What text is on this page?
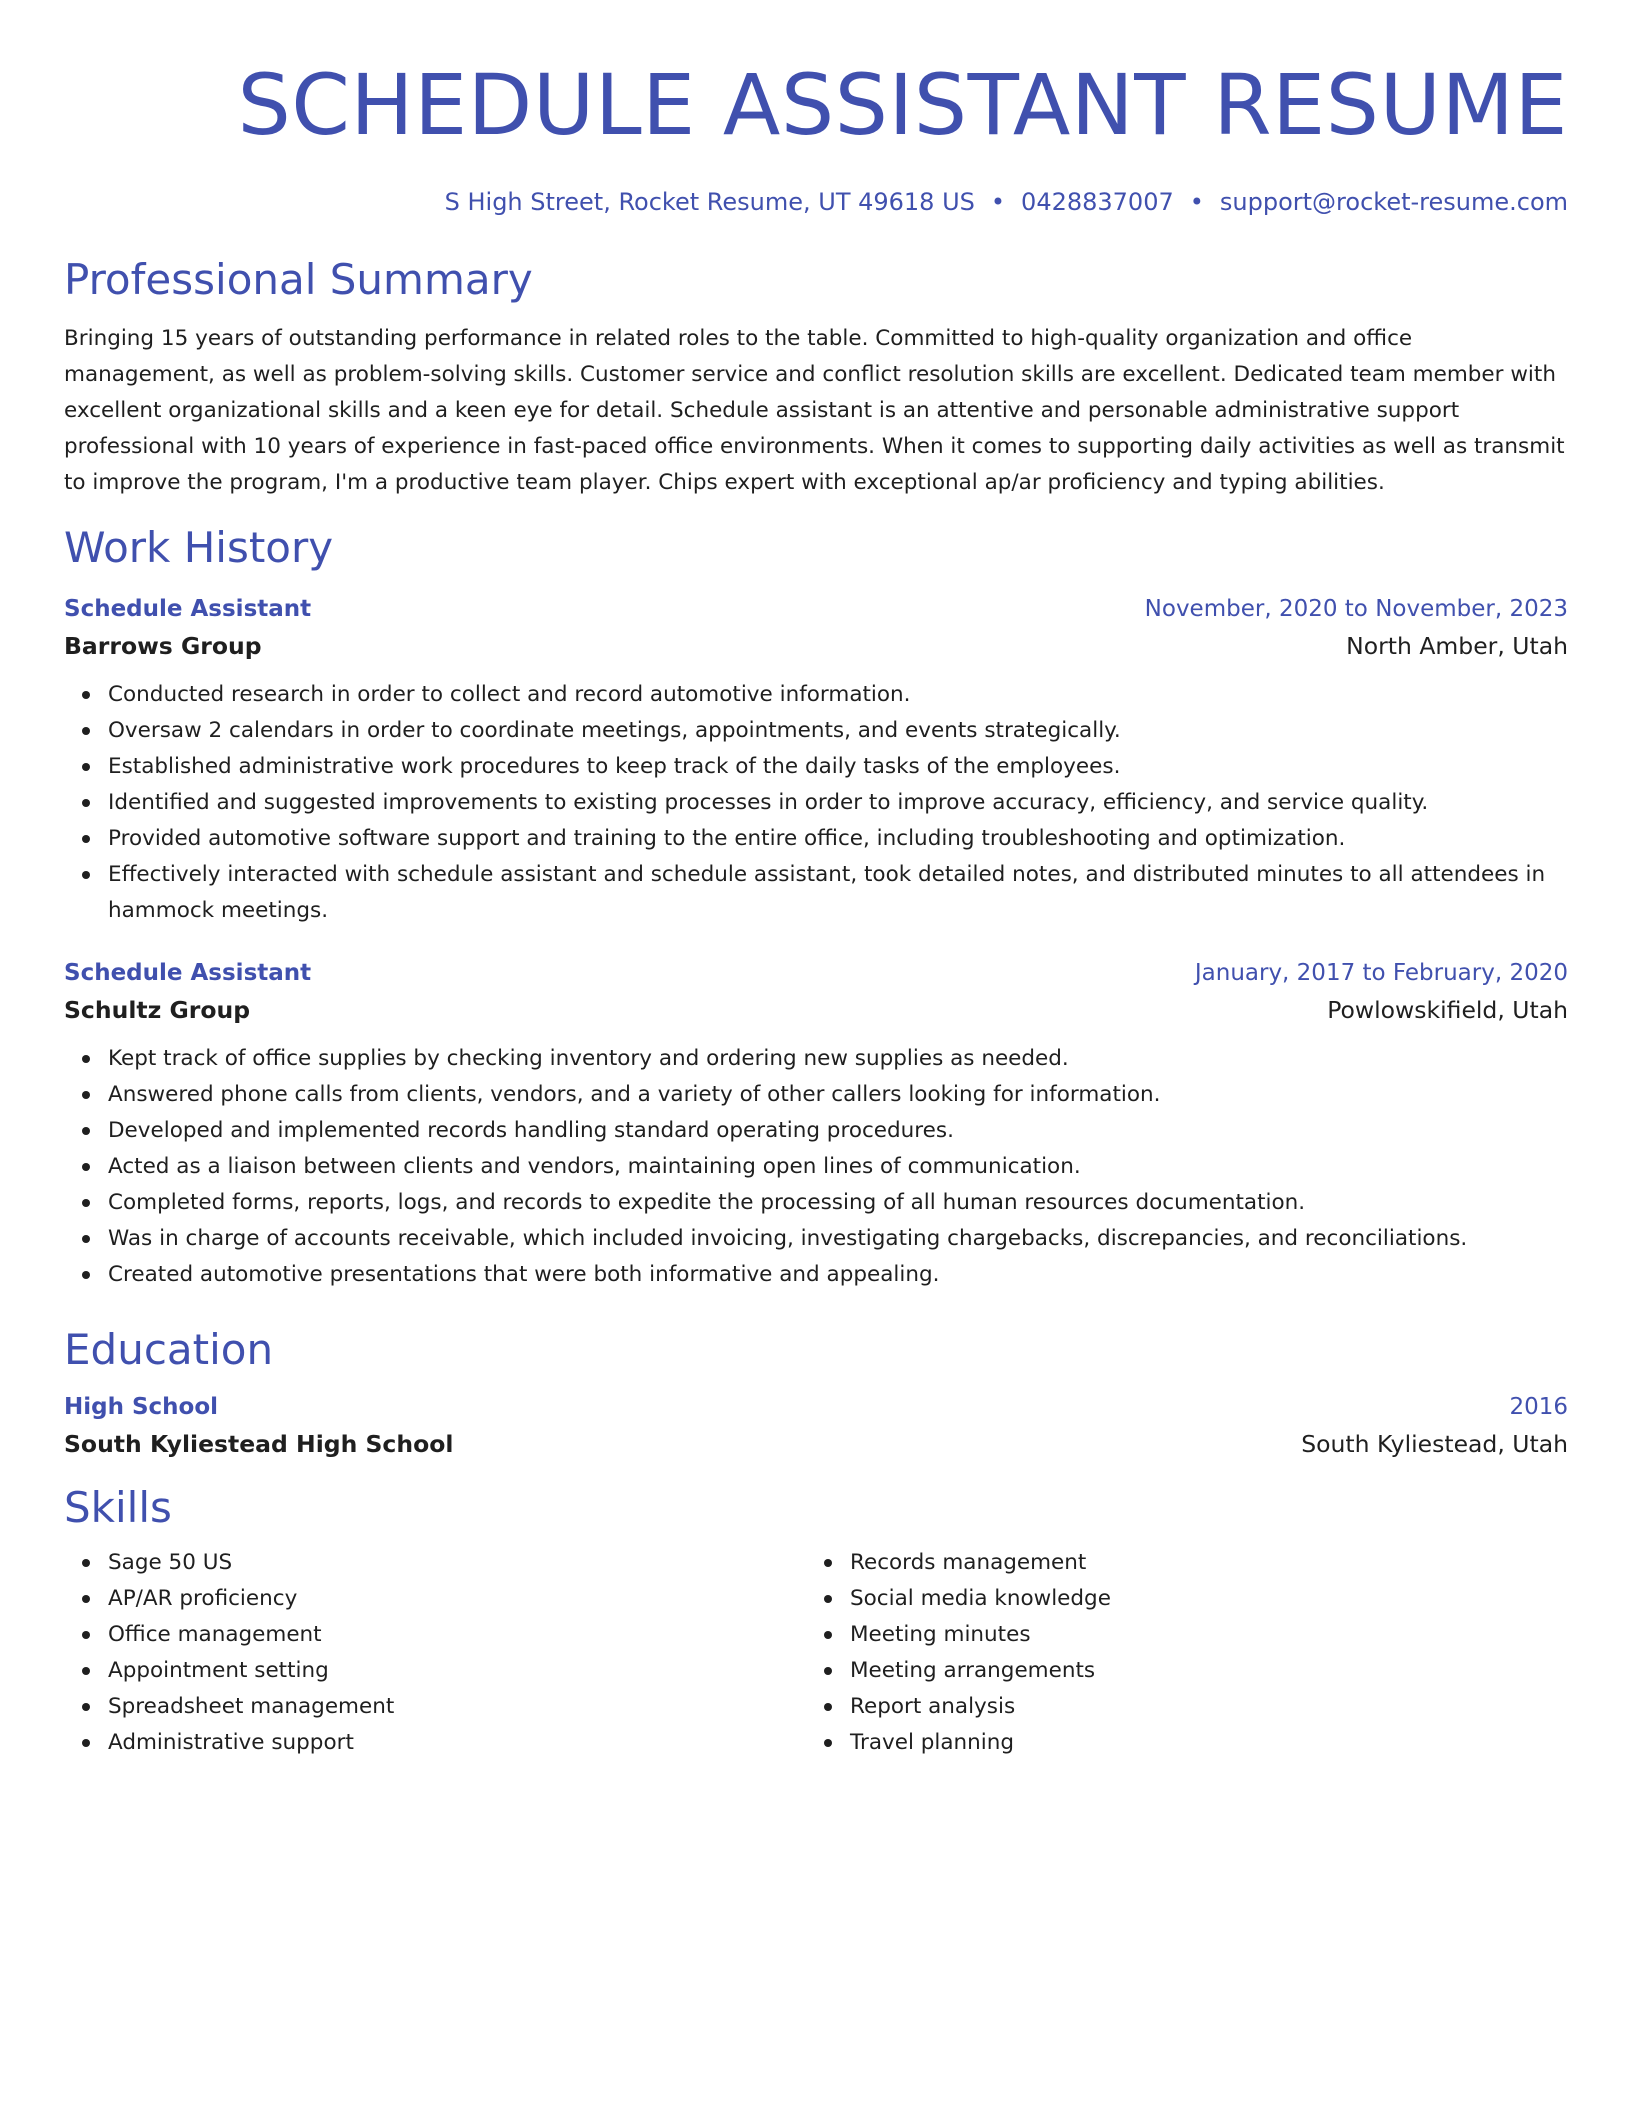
SCHEDULE ASSISTANT RESUME
S High Street, Rocket Resume, UT 49618 US • 0428837007 • support@rocket-resume.com
Professional Summary
Bringing 15 years of outstanding performance in related roles to the table. Committed to high-quality organization and office management, as well as problem-solving skills. Customer service and conflict resolution skills are excellent. Dedicated team member with excellent organizational skills and a keen eye for detail. Schedule assistant is an attentive and personable administrative support professional with 10 years of experience in fast-paced office environments. When it comes to supporting daily activities as well as transmit to improve the program, I'm a productive team player. Chips expert with exceptional ap/ar proficiency and typing abilities.
Work History
Schedule Assistant	November, 2020 to November, 2023
Barrows Group	North Amber, Utah
Conducted research in order to collect and record automotive information.
Oversaw 2 calendars in order to coordinate meetings, appointments, and events strategically.
Established administrative work procedures to keep track of the daily tasks of the employees.
Identified and suggested improvements to existing processes in order to improve accuracy, efficiency, and service quality.
Provided automotive software support and training to the entire office, including troubleshooting and optimization.
Effectively interacted with schedule assistant and schedule assistant, took detailed notes, and distributed minutes to all attendees in hammock meetings.
Schedule Assistant	January, 2017 to February, 2020
Schultz Group	Powlowskifield, Utah
Kept track of office supplies by checking inventory and ordering new supplies as needed.
Answered phone calls from clients, vendors, and a variety of other callers looking for information.
Developed and implemented records handling standard operating procedures.
Acted as a liaison between clients and vendors, maintaining open lines of communication.
Completed forms, reports, logs, and records to expedite the processing of all human resources documentation.
Was in charge of accounts receivable, which included invoicing, investigating chargebacks, discrepancies, and reconciliations.
Created automotive presentations that were both informative and appealing.
Education
High School	2016
South Kyliestead High School	South Kyliestead, Utah
Skills
Sage 50 US
AP/AR proficiency
Office management
Appointment setting
Spreadsheet management
Administrative support
Records management
Social media knowledge
Meeting minutes
Meeting arrangements
Report analysis
Travel planning
